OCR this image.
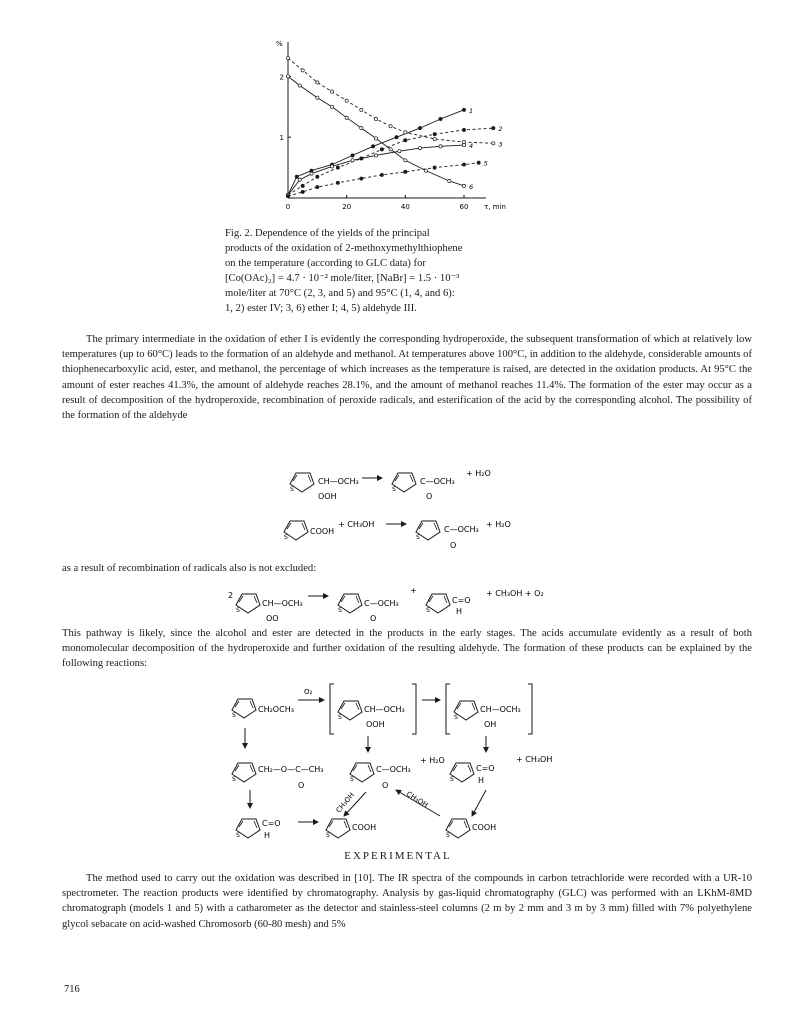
%
0	20	40	60 τ, min
1
2
1
2
3
4
5
6
Fig. 2. Dependence of the yields of the principal
products of the oxidation of 2-methoxymethylthiophene
on the temperature (according to GLC data) for
[Co(OAc)₂] = 4.7 · 10⁻² mole/liter, [NaBr] = 1.5 · 10⁻³
mole/liter at 70°C (2, 3, and 5) and 95°C (1, 4, and 6):
1, 2) ester IV; 3, 6) ether I; 4, 5) aldehyde III.
The primary intermediate in the oxidation of ether I is evidently the corresponding hydroperoxide, the subsequent transformation of which at relatively low temperatures (up to 60°C) leads to the formation of an aldehyde and methanol. At temperatures above 100°C, in addition to the aldehyde, considerable amounts of thiophenecarboxylic acid, ester, and methanol, the percentage of which increases as the temperature is raised, are detected in the oxidation products. At 95°C the amount of ester reaches 41.3%, the amount of aldehyde reaches 28.1%, and the amount of methanol reaches 11.4%. The formation of the ester may occur as a result of decomposition of the hydroperoxide, recombination of peroxide radicals, and esterification of the acid by the corresponding alcohol. The possibility of the formation of the aldehyde
S
CH—OCH₃
OOH
S
C—OCH₃
O
+ H₂O
S
COOH
+ CH₃OH
S
C—OCH₃
O
+ H₂O
2
S
CH—OCH₃
OO
S
C—OCH₃
O
+
S
C=O
H
+ CH₃OH + O₂
S
CH₂OCH₃
O₂
S
CH—OCH₃
OOH
S
CH—OCH₃
OH
S
CH₂—O—C—CH₃
O
S
C—OCH₃
O
+ H₂O
S
C=O
H
+ CH₃OH
CH₃OH	CH₃OH
S
C=O
H	S
COOH
S
COOH
as a result of recombination of radicals also is not excluded:
This pathway is likely, since the alcohol and ester are detected in the products in the early stages. The acids accumulate evidently as a result of both monomolecular decomposition of the hydroperoxide and further oxidation of the resulting aldehyde. The formation of these products can be explained by the following reactions:
EXPERIMENTAL
The method used to carry out the oxidation was described in [10]. The IR spectra of the compounds in carbon tetrachloride were recorded with a UR-10 spectrometer. The reaction products were identified by chromatography. Analysis by gas-liquid chromatography (GLC) was performed with an LKhM-8MD chromatograph (models 1 and 5) with a catharometer as the detector and stainless-steel columns (2 m by 2 mm and 3 m by 3 mm) filled with 7% polyethylene glycol sebacate on acid-washed Chromosorb (60-80 mesh) and 5%
716
